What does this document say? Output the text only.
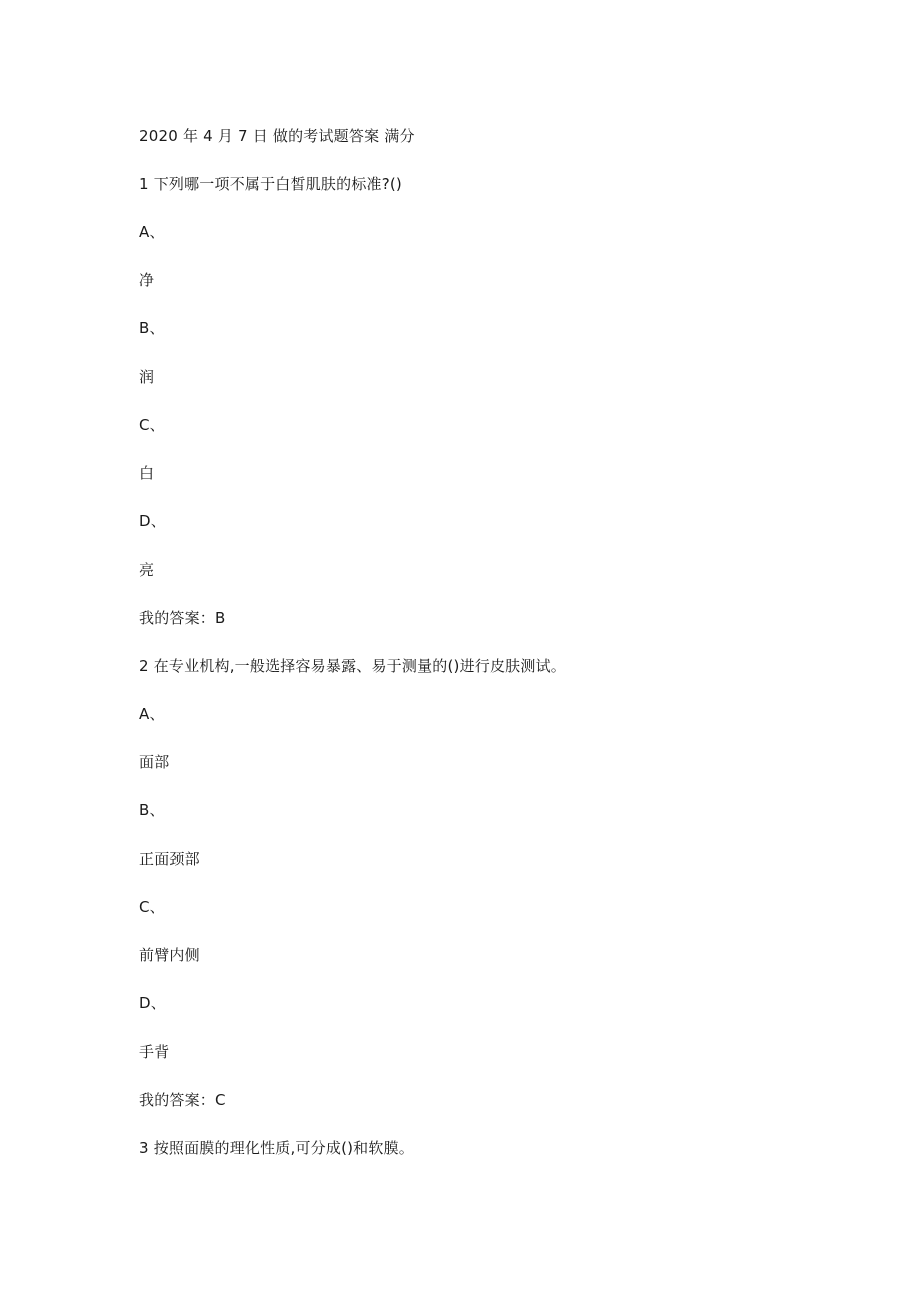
2020 年 4 月 7 日 做的考试题答案 满分
1 下列哪一项不属于白皙肌肤的标准?()
A、
净
B、
润
C、
白
D、
亮
我的答案：B
2 在专业机构,一般选择容易暴露、易于测量的()进行皮肤测试。
A、
面部
B、
正面颈部
C、
前臂内侧
D、
手背
我的答案：C
3 按照面膜的理化性质,可分成()和软膜。
